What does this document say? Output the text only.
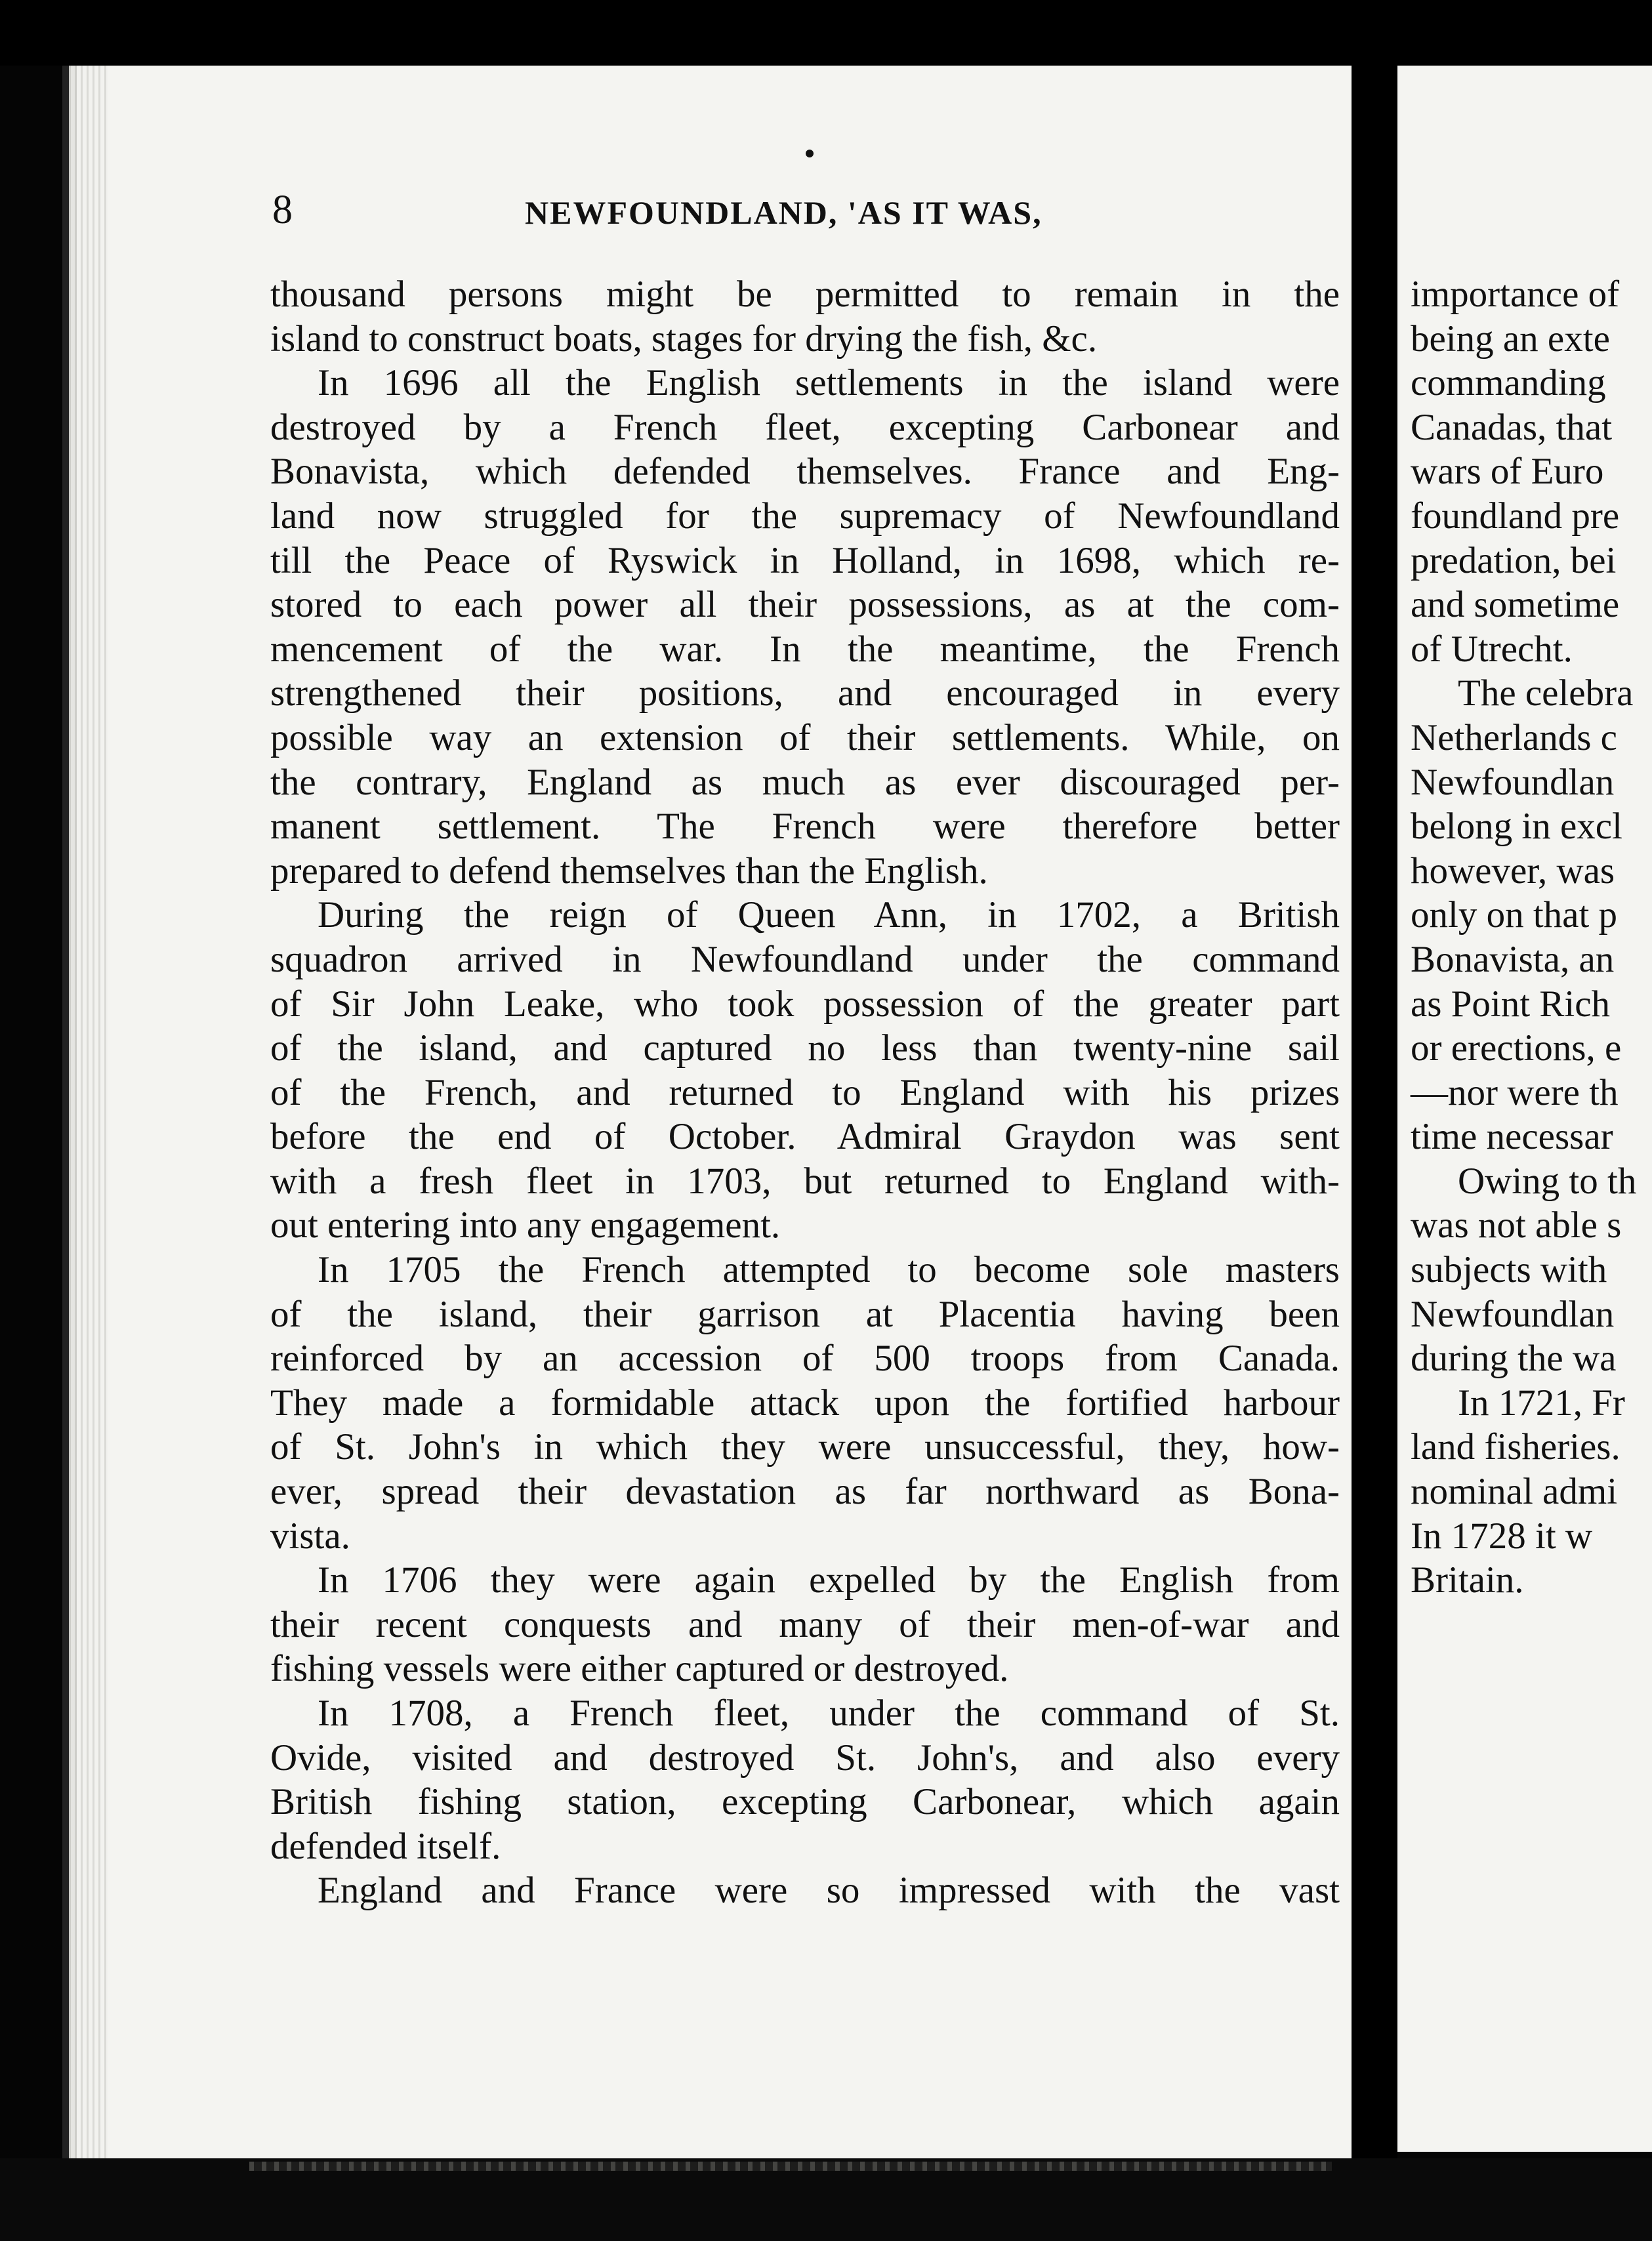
8	NEWFOUNDLAND, 'AS IT WAS,
thousand persons might be permitted to remain in the
island to construct boats, stages for drying the fish, &c.
In 1696 all the English settlements in the island were
destroyed by a French fleet, excepting Carbonear and
Bonavista, which defended themselves. France and Eng-
land now struggled for the supremacy of Newfoundland
till the Peace of Ryswick in Holland, in 1698, which re-
stored to each power all their possessions, as at the com-
mencement of the war. In the meantime, the French
strengthened their positions, and encouraged in every
possible way an extension of their settlements. While, on
the contrary, England as much as ever discouraged per-
manent settlement. The French were therefore better
prepared to defend themselves than the English.
During the reign of Queen Ann, in 1702, a British
squadron arrived in Newfoundland under the command
of Sir John Leake, who took possession of the greater part
of the island, and captured no less than twenty-nine sail
of the French, and returned to England with his prizes
before the end of October. Admiral Graydon was sent
with a fresh fleet in 1703, but returned to England with-
out entering into any engagement.
In 1705 the French attempted to become sole masters
of the island, their garrison at Placentia having been
reinforced by an accession of 500 troops from Canada.
They made a formidable attack upon the fortified harbour
of St. John's in which they were unsuccessful, they, how-
ever, spread their devastation as far northward as Bona-
vista.
In 1706 they were again expelled by the English from
their recent conquests and many of their men-of-war and
fishing vessels were either captured or destroyed.
In 1708, a French fleet, under the command of St.
Ovide, visited and destroyed St. John's, and also every
British fishing station, excepting Carbonear, which again
defended itself.
England and France were so impressed with the vast
importance of
being an exte
commanding
Canadas, that
wars of Euro
foundland pre
predation, bei
and sometime
of Utrecht.
The celebra
Netherlands c
Newfoundlan
belong in excl
however, was
only on that p
Bonavista, an
as Point Rich
or erections, e
—nor were th
time necessar
Owing to th
was not able s
subjects with
Newfoundlan
during the wa
In 1721, Fr
land fisheries.
nominal admi
In 1728 it w
Britain.
